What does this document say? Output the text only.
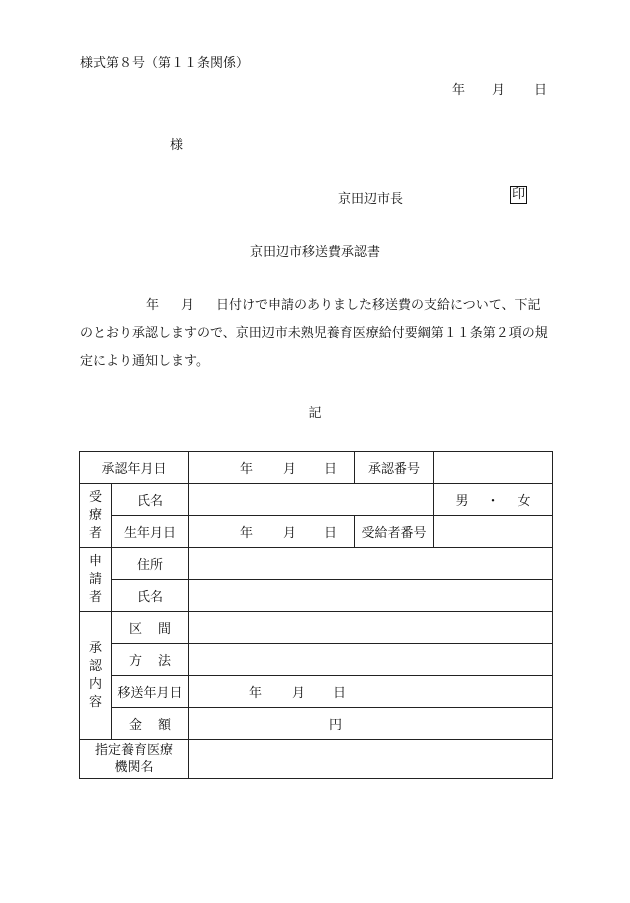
様式第８号（第１１条関係）
年 月 日
様
京田辺市長	印
京田辺市移送費承認書
年 月 日付けで申請のありました移送費の支給について、下記のとおり承認しますので、京田辺市未熟児養育医療給付要綱第１１条第２項の規定により通知します。
記
承認年月日		年 月 日	承認番号	

受
療
者	氏名			男 ・ 女
	生年月日	年 月 日	受給者番号	

申
請
者	住所			
	氏名			

承
認
内
容	区 間			
	方 法			
	移送年月日	年 月 日		
	金 額	円		
指定養育医療
機関名				
